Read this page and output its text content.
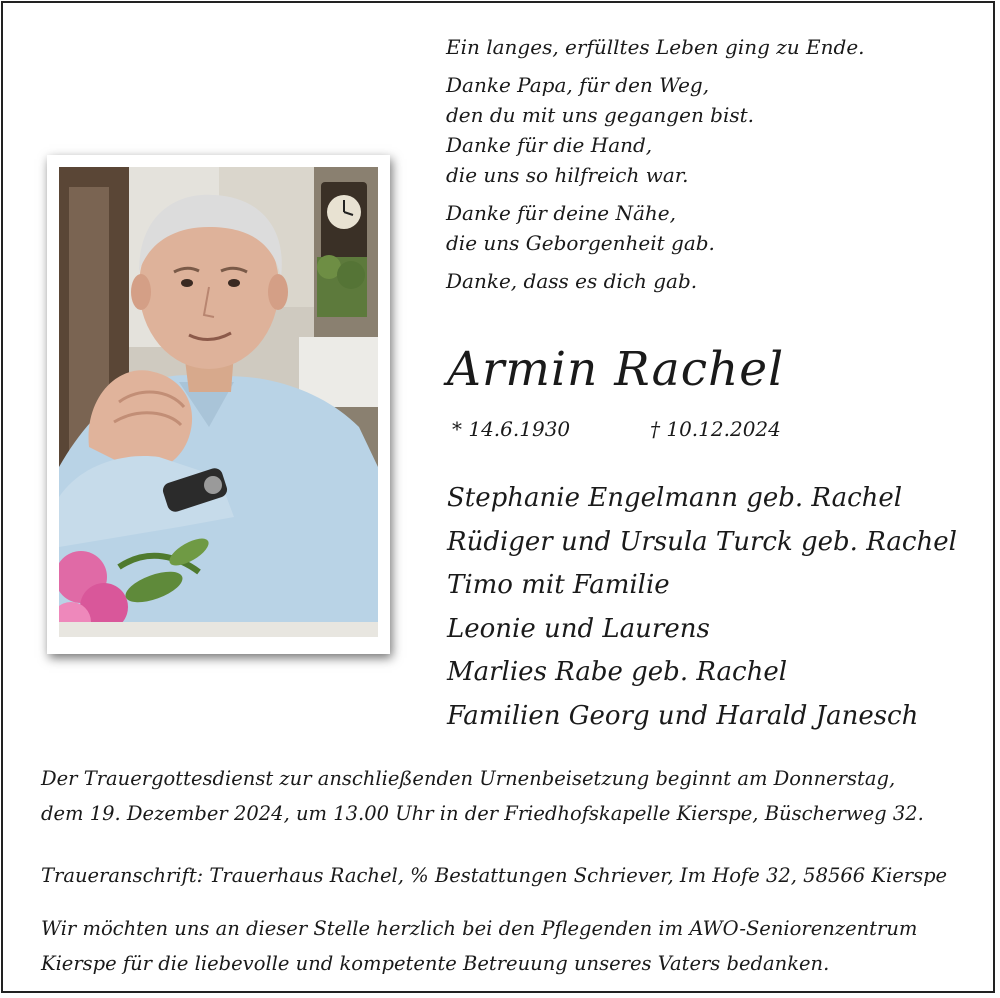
Ein langes, erfülltes Leben ging zu Ende.
Danke Papa, für den Weg,
den du mit uns gegangen bist.
Danke für die Hand,
die uns so hilfreich war.
Danke für deine Nähe,
die uns Geborgenheit gab.
Danke, dass es dich gab.
Armin Rachel
* 14.6.1930	† 10.12.2024
Stephanie Engelmann geb. Rachel
Rüdiger und Ursula Turck geb. Rachel
Timo mit Familie
Leonie und Laurens
Marlies Rabe geb. Rachel
Familien Georg und Harald Janesch
Der Trauergottesdienst zur anschließenden Urnenbeisetzung beginnt am Donnerstag,
dem 19. Dezember 2024, um 13.00 Uhr in der Friedhofskapelle Kierspe, Büscherweg 32.
Traueranschrift: Trauerhaus Rachel, % Bestattungen Schriever, Im Hofe 32, 58566 Kierspe
Wir möchten uns an dieser Stelle herzlich bei den Pflegenden im AWO-Seniorenzentrum
Kierspe für die liebevolle und kompetente Betreuung unseres Vaters bedanken.
